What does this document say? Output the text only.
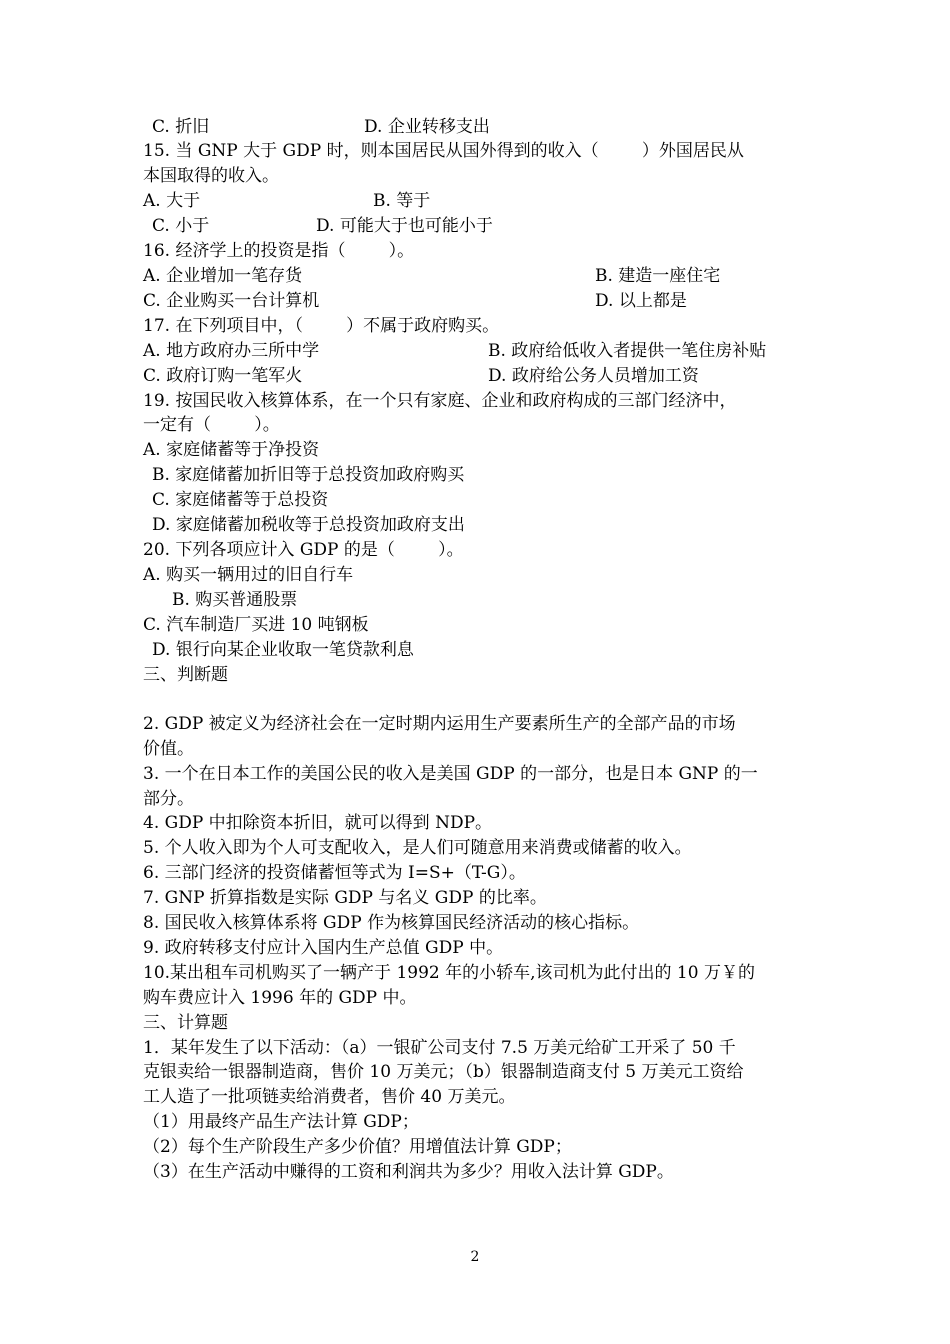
C. 折旧	D. 企业转移支出
15. 当 GNP 大于 GDP 时，则本国居民从国外得到的收入（        ）外国居民从
本国取得的收入。
A. 大于	B. 等于
C. 小于	D. 可能大于也可能小于
16. 经济学上的投资是指（        ）。
A. 企业增加一笔存货	B. 建造一座住宅
C. 企业购买一台计算机	D. 以上都是
17. 在下列项目中，（        ）不属于政府购买。
A. 地方政府办三所中学	B. 政府给低收入者提供一笔住房补贴
C. 政府订购一笔军火	D. 政府给公务人员增加工资
19. 按国民收入核算体系，在一个只有家庭、企业和政府构成的三部门经济中，
一定有（        ）。
A. 家庭储蓄等于净投资
B. 家庭储蓄加折旧等于总投资加政府购买
C. 家庭储蓄等于总投资
D. 家庭储蓄加税收等于总投资加政府支出
20. 下列各项应计入 GDP 的是（        ）。
A. 购买一辆用过的旧自行车
B. 购买普通股票
C. 汽车制造厂买进 10 吨钢板
D. 银行向某企业收取一笔贷款利息
三、判断题
2. GDP 被定义为经济社会在一定时期内运用生产要素所生产的全部产品的市场
价值。
3. 一个在日本工作的美国公民的收入是美国 GDP 的一部分，也是日本 GNP 的一
部分。
4. GDP 中扣除资本折旧，就可以得到 NDP。
5. 个人收入即为个人可支配收入，是人们可随意用来消费或储蓄的收入。
6. 三部门经济的投资储蓄恒等式为 I=S+（T-G）。
7. GNP 折算指数是实际 GDP 与名义 GDP 的比率。
8. 国民收入核算体系将 GDP 作为核算国民经济活动的核心指标。
9. 政府转移支付应计入国内生产总值 GDP 中。
10.某出租车司机购买了一辆产于 1992 年的小轿车,该司机为此付出的 10 万￥的
购车费应计入 1996 年的 GDP 中。
三、计算题
1．某年发生了以下活动：（a）一银矿公司支付 7.5 万美元给矿工开采了 50 千
克银卖给一银器制造商，售价 10 万美元；（b）银器制造商支付 5 万美元工资给
工人造了一批项链卖给消费者，售价 40 万美元。
（1）用最终产品生产法计算 GDP；
（2）每个生产阶段生产多少价值？用增值法计算 GDP；
（3）在生产活动中赚得的工资和利润共为多少？用收入法计算 GDP。
2
